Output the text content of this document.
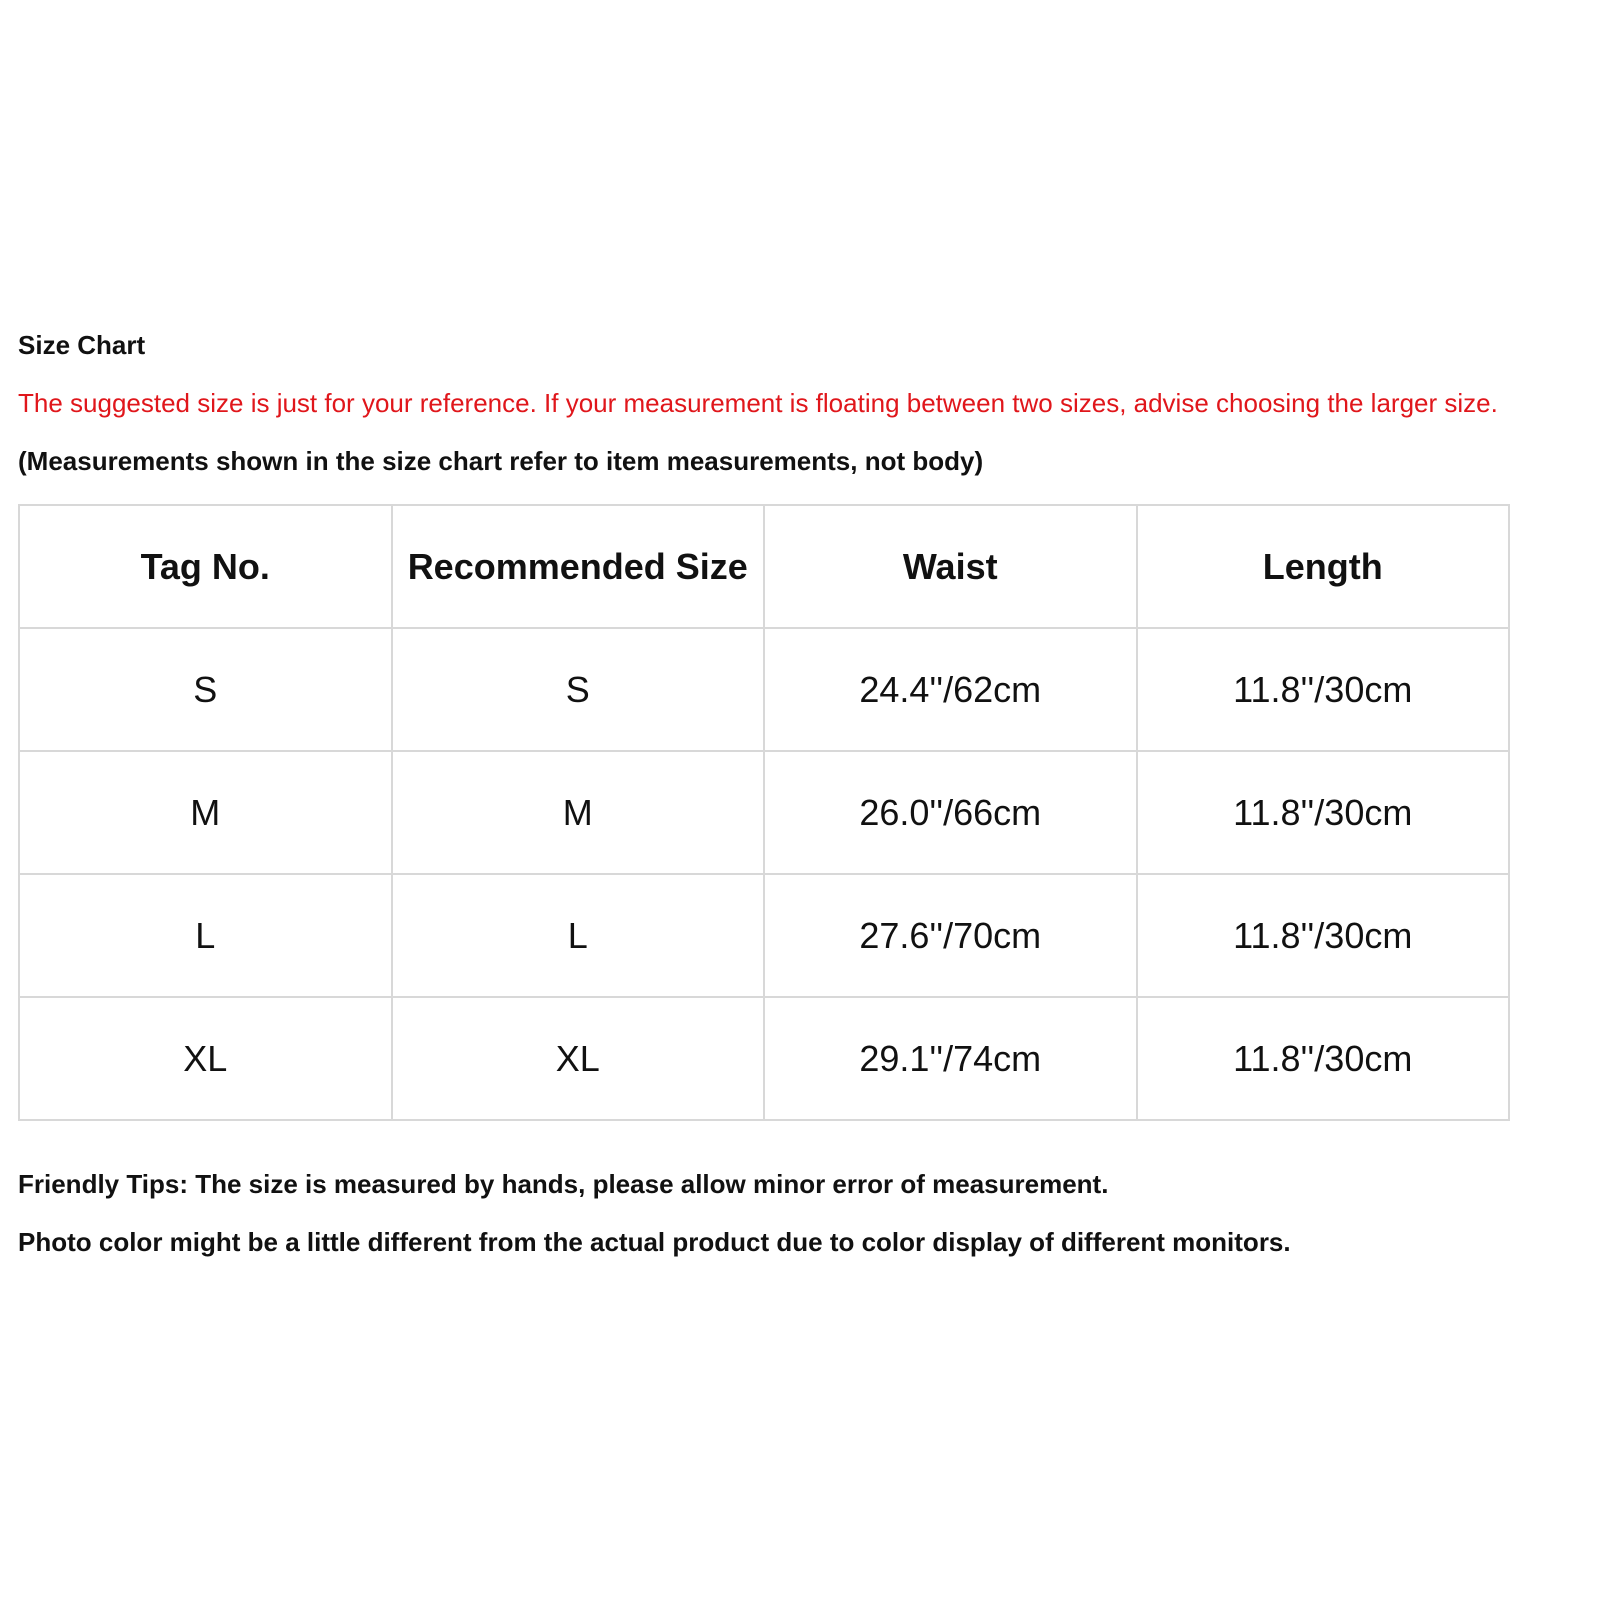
Size Chart

The suggested size is just for your reference. If your measurement is floating between two sizes, advise choosing the larger size.

(Measurements shown in the size chart refer to item measurements, not body)

Tag No.	Recommended Size	Waist	Length
S	S	24.4''/62cm	11.8''/30cm
M	M	26.0''/66cm	11.8''/30cm
L	L	27.6''/70cm	11.8''/30cm
XL	XL	29.1''/74cm	11.8''/30cm

Friendly Tips: The size is measured by hands, please allow minor error of measurement.

Photo color might be a little different from the actual product due to color display of different monitors.
